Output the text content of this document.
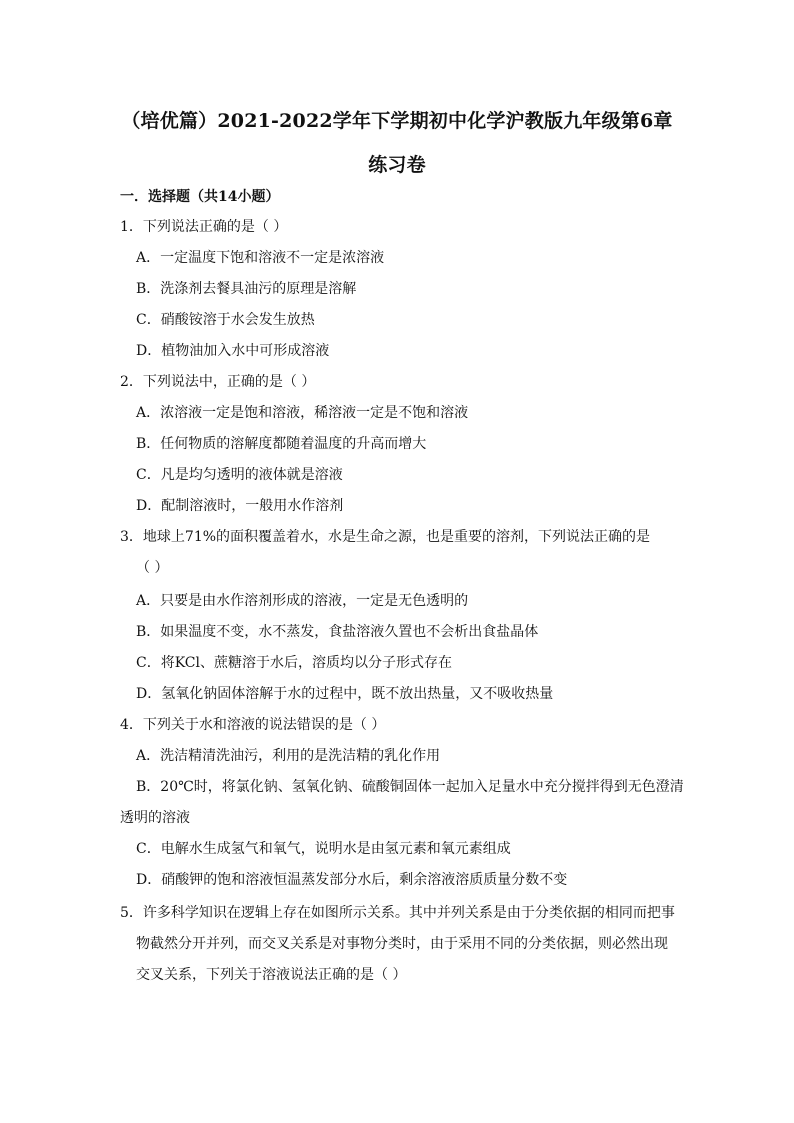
（培优篇）2021-2022学年下学期初中化学沪教版九年级第6章
练习卷
一．选择题（共14小题）
1．下列说法正确的是（ ）
A．一定温度下饱和溶液不一定是浓溶液
B．洗涤剂去餐具油污的原理是溶解
C．硝酸铵溶于水会发生放热
D．植物油加入水中可形成溶液
2．下列说法中，正确的是（ ）
A．浓溶液一定是饱和溶液，稀溶液一定是不饱和溶液
B．任何物质的溶解度都随着温度的升高而增大
C．凡是均匀透明的液体就是溶液
D．配制溶液时，一般用水作溶剂
3．地球上71%的面积覆盖着水，水是生命之源，也是重要的溶剂，下列说法正确的是
（ ）
A．只要是由水作溶剂形成的溶液，一定是无色透明的
B．如果温度不变，水不蒸发，食盐溶液久置也不会析出食盐晶体
C．将KCl、蔗糖溶于水后，溶质均以分子形式存在
D．氢氧化钠固体溶解于水的过程中，既不放出热量，又不吸收热量
4．下列关于水和溶液的说法错误的是（ ）
A．洗洁精清洗油污，利用的是洗洁精的乳化作用
B．20℃时，将氯化钠、氢氧化钠、硫酸铜固体一起加入足量水中充分搅拌得到无色澄清
透明的溶液
C．电解水生成氢气和氧气，说明水是由氢元素和氧元素组成
D．硝酸钾的饱和溶液恒温蒸发部分水后，剩余溶液溶质质量分数不变
5．许多科学知识在逻辑上存在如图所示关系。其中并列关系是由于分类依据的相同而把事
物截然分开并列，而交叉关系是对事物分类时，由于采用不同的分类依据，则必然出现
交叉关系，下列关于溶液说法正确的是（ ）
